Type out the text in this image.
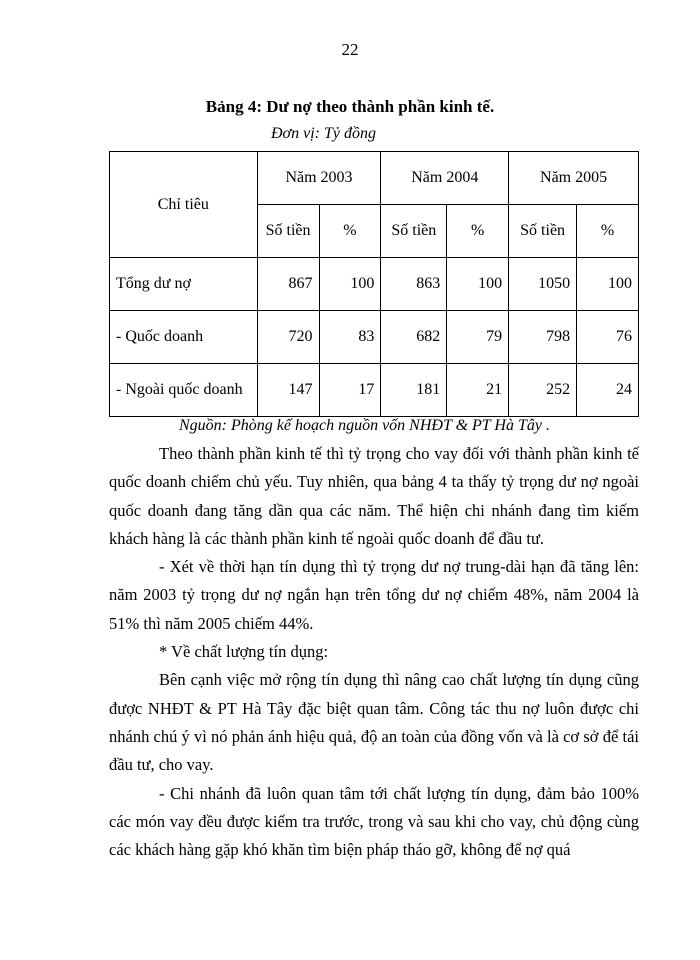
22
Bảng 4: Dư nợ theo thành phần kinh tế.
Đơn vị: Tỷ đồng
Chỉ tiêu	Năm 2003		Năm 2004		Năm 2005	
	Số tiền	%	Số tiền	%	Số tiền	%
Tổng dư nợ	867	100	863	100	1050	100
- Quốc doanh	720	83	682	79	798	76
- Ngoài quốc doanh	147	17	181	21	252	24
Nguồn: Phòng kế hoạch nguồn vốn NHĐT & PT Hà Tây .

Theo thành phần kinh tế thì tỷ trọng cho vay đối với thành phần kinh tế quốc doanh chiếm chủ yếu. Tuy nhiên, qua bảng 4 ta thấy tỷ trọng dư nợ ngoài quốc doanh đang tăng dần qua các năm. Thể hiện chi nhánh đang tìm kiếm khách hàng là các thành phần kinh tế ngoài quốc doanh để đầu tư.

- Xét về thời hạn tín dụng thì tỷ trọng dư nợ trung-dài hạn đã tăng lên: năm 2003 tỷ trọng dư nợ ngắn hạn trên tổng dư nợ chiếm 48%, năm 2004 là 51% thì năm 2005 chiếm 44%.

* Về chất lượng tín dụng:

Bên cạnh việc mở rộng tín dụng thì nâng cao chất lượng tín dụng cũng được NHĐT & PT Hà Tây đặc biệt quan tâm. Công tác thu nợ luôn được chi nhánh chú ý vì nó phản ánh hiệu quả, độ an toàn của đồng vốn và là cơ sở để tái đầu tư, cho vay.

- Chi nhánh đã luôn quan tâm tới chất lượng tín dụng, đảm bảo 100% các món vay đều được kiểm tra trước, trong và sau khi cho vay, chủ động cùng các khách hàng gặp khó khăn tìm biện pháp tháo gỡ, không để nợ quá
